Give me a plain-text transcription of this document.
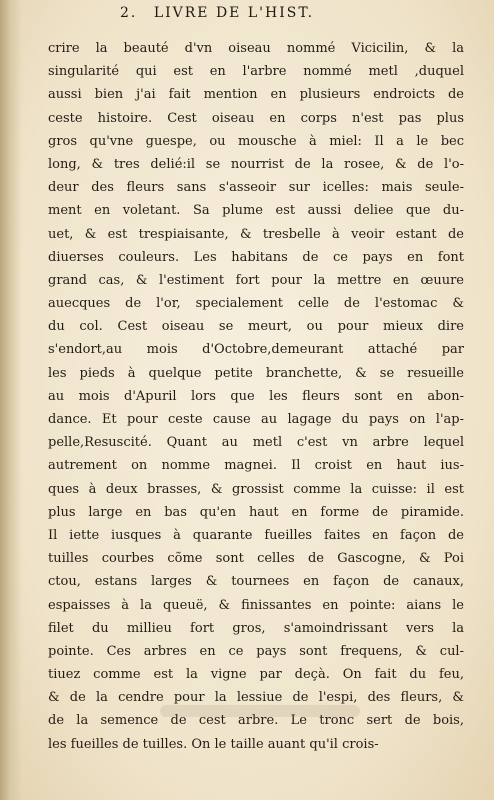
2. LIVRE DE L'HIST.
crire la beauté d'vn oiseau nommé Vicicilin, & la
singularité qui est en l'arbre nommé metl ,duquel
aussi bien j'ai fait mention en plusieurs endroicts de
ceste histoire. Cest oiseau en corps n'est pas plus
gros qu'vne guespe, ou mousche à miel: Il a le bec
long, & tres delié:il se nourrist de la rosee, & de l'o-
deur des fleurs sans s'asseoir sur icelles: mais seule-
ment en voletant. Sa plume est aussi deliee que du-
uet, & est trespiaisante, & tresbelle à veoir estant de
diuerses couleurs. Les habitans de ce pays en font
grand cas, & l'estiment fort pour la mettre en œuure
auecques de l'or, specialement celle de l'estomac &
du col. Cest oiseau se meurt, ou pour mieux dire
s'endort,au mois d'Octobre,demeurant attaché par
les pieds à quelque petite branchette, & se resueille
au mois d'Apuril lors que les fleurs sont en abon-
dance. Et pour ceste cause au lagage du pays on l'ap-
pelle,Resuscité. Quant au metl c'est vn arbre lequel
autrement on nomme magnei. Il croist en haut ius-
ques à deux brasses, & grossist comme la cuisse: il est
plus large en bas qu'en haut en forme de piramide.
Il iette iusques à quarante fueilles faites en façon de
tuilles courbes cõme sont celles de Gascogne, & Poi
ctou, estans larges & tournees en façon de canaux,
espaisses à la queuë, & finissantes en pointe: aians le
filet du millieu fort gros, s'amoindrissant vers la
pointe. Ces arbres en ce pays sont frequens, & cul-
tiuez comme est la vigne par deçà. On fait du feu,
& de la cendre pour la lessiue de l'espi, des fleurs, &
de la semence de cest arbre. Le tronc sert de bois,
les fueilles de tuilles. On le taille auant qu'il crois-
